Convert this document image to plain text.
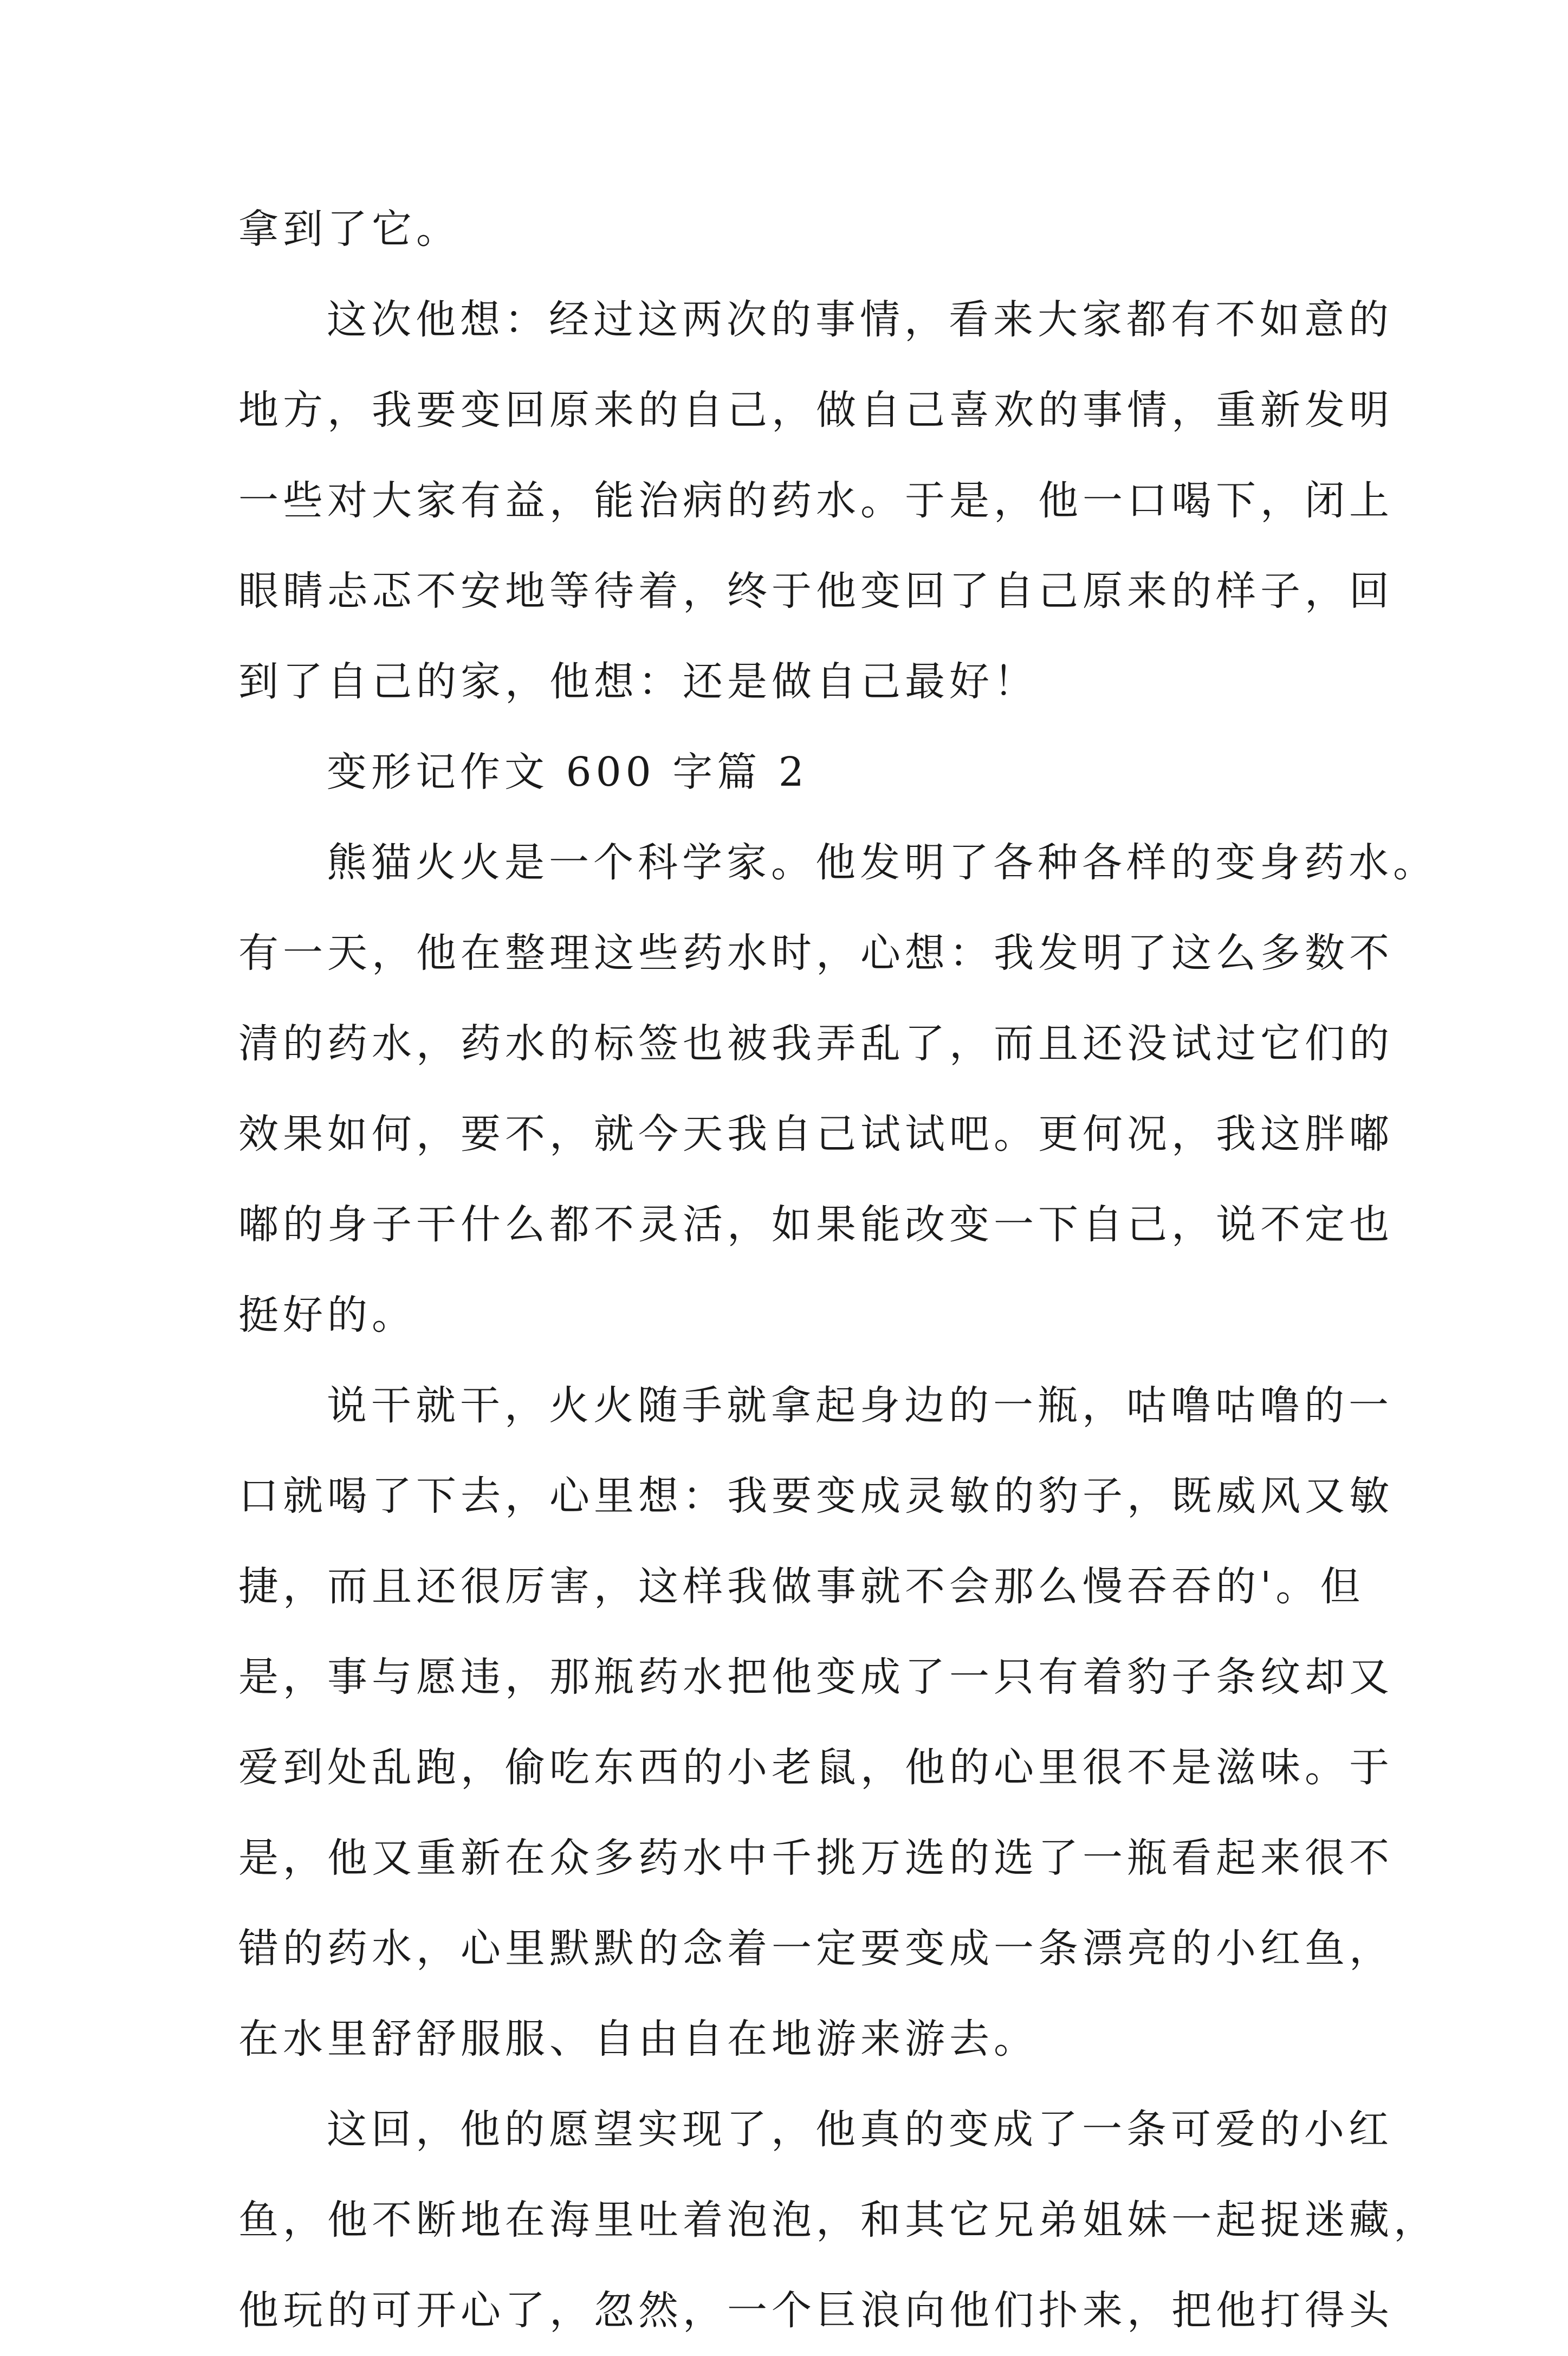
拿到了它。
这次他想：经过这两次的事情，看来大家都有不如意的
地方，我要变回原来的自己，做自己喜欢的事情，重新发明
一些对大家有益，能治病的药水。于是，他一口喝下，闭上
眼睛忐忑不安地等待着，终于他变回了自己原来的样子，回
到了自己的家，他想：还是做自己最好！
变形记作文 600 字篇 2
熊猫火火是一个科学家。他发明了各种各样的变身药水。
有一天，他在整理这些药水时，心想：我发明了这么多数不
清的药水，药水的标签也被我弄乱了，而且还没试过它们的
效果如何，要不，就今天我自己试试吧。更何况，我这胖嘟
嘟的身子干什么都不灵活，如果能改变一下自己，说不定也
挺好的。
说干就干，火火随手就拿起身边的一瓶，咕噜咕噜的一
口就喝了下去，心里想：我要变成灵敏的豹子，既威风又敏
捷，而且还很厉害，这样我做事就不会那么慢吞吞的'。但
是，事与愿违，那瓶药水把他变成了一只有着豹子条纹却又
爱到处乱跑，偷吃东西的小老鼠，他的心里很不是滋味。于
是，他又重新在众多药水中千挑万选的选了一瓶看起来很不
错的药水，心里默默的念着一定要变成一条漂亮的小红鱼，
在水里舒舒服服、自由自在地游来游去。
这回，他的愿望实现了，他真的变成了一条可爱的小红
鱼，他不断地在海里吐着泡泡，和其它兄弟姐妹一起捉迷藏，
他玩的可开心了，忽然，一个巨浪向他们扑来，把他打得头
